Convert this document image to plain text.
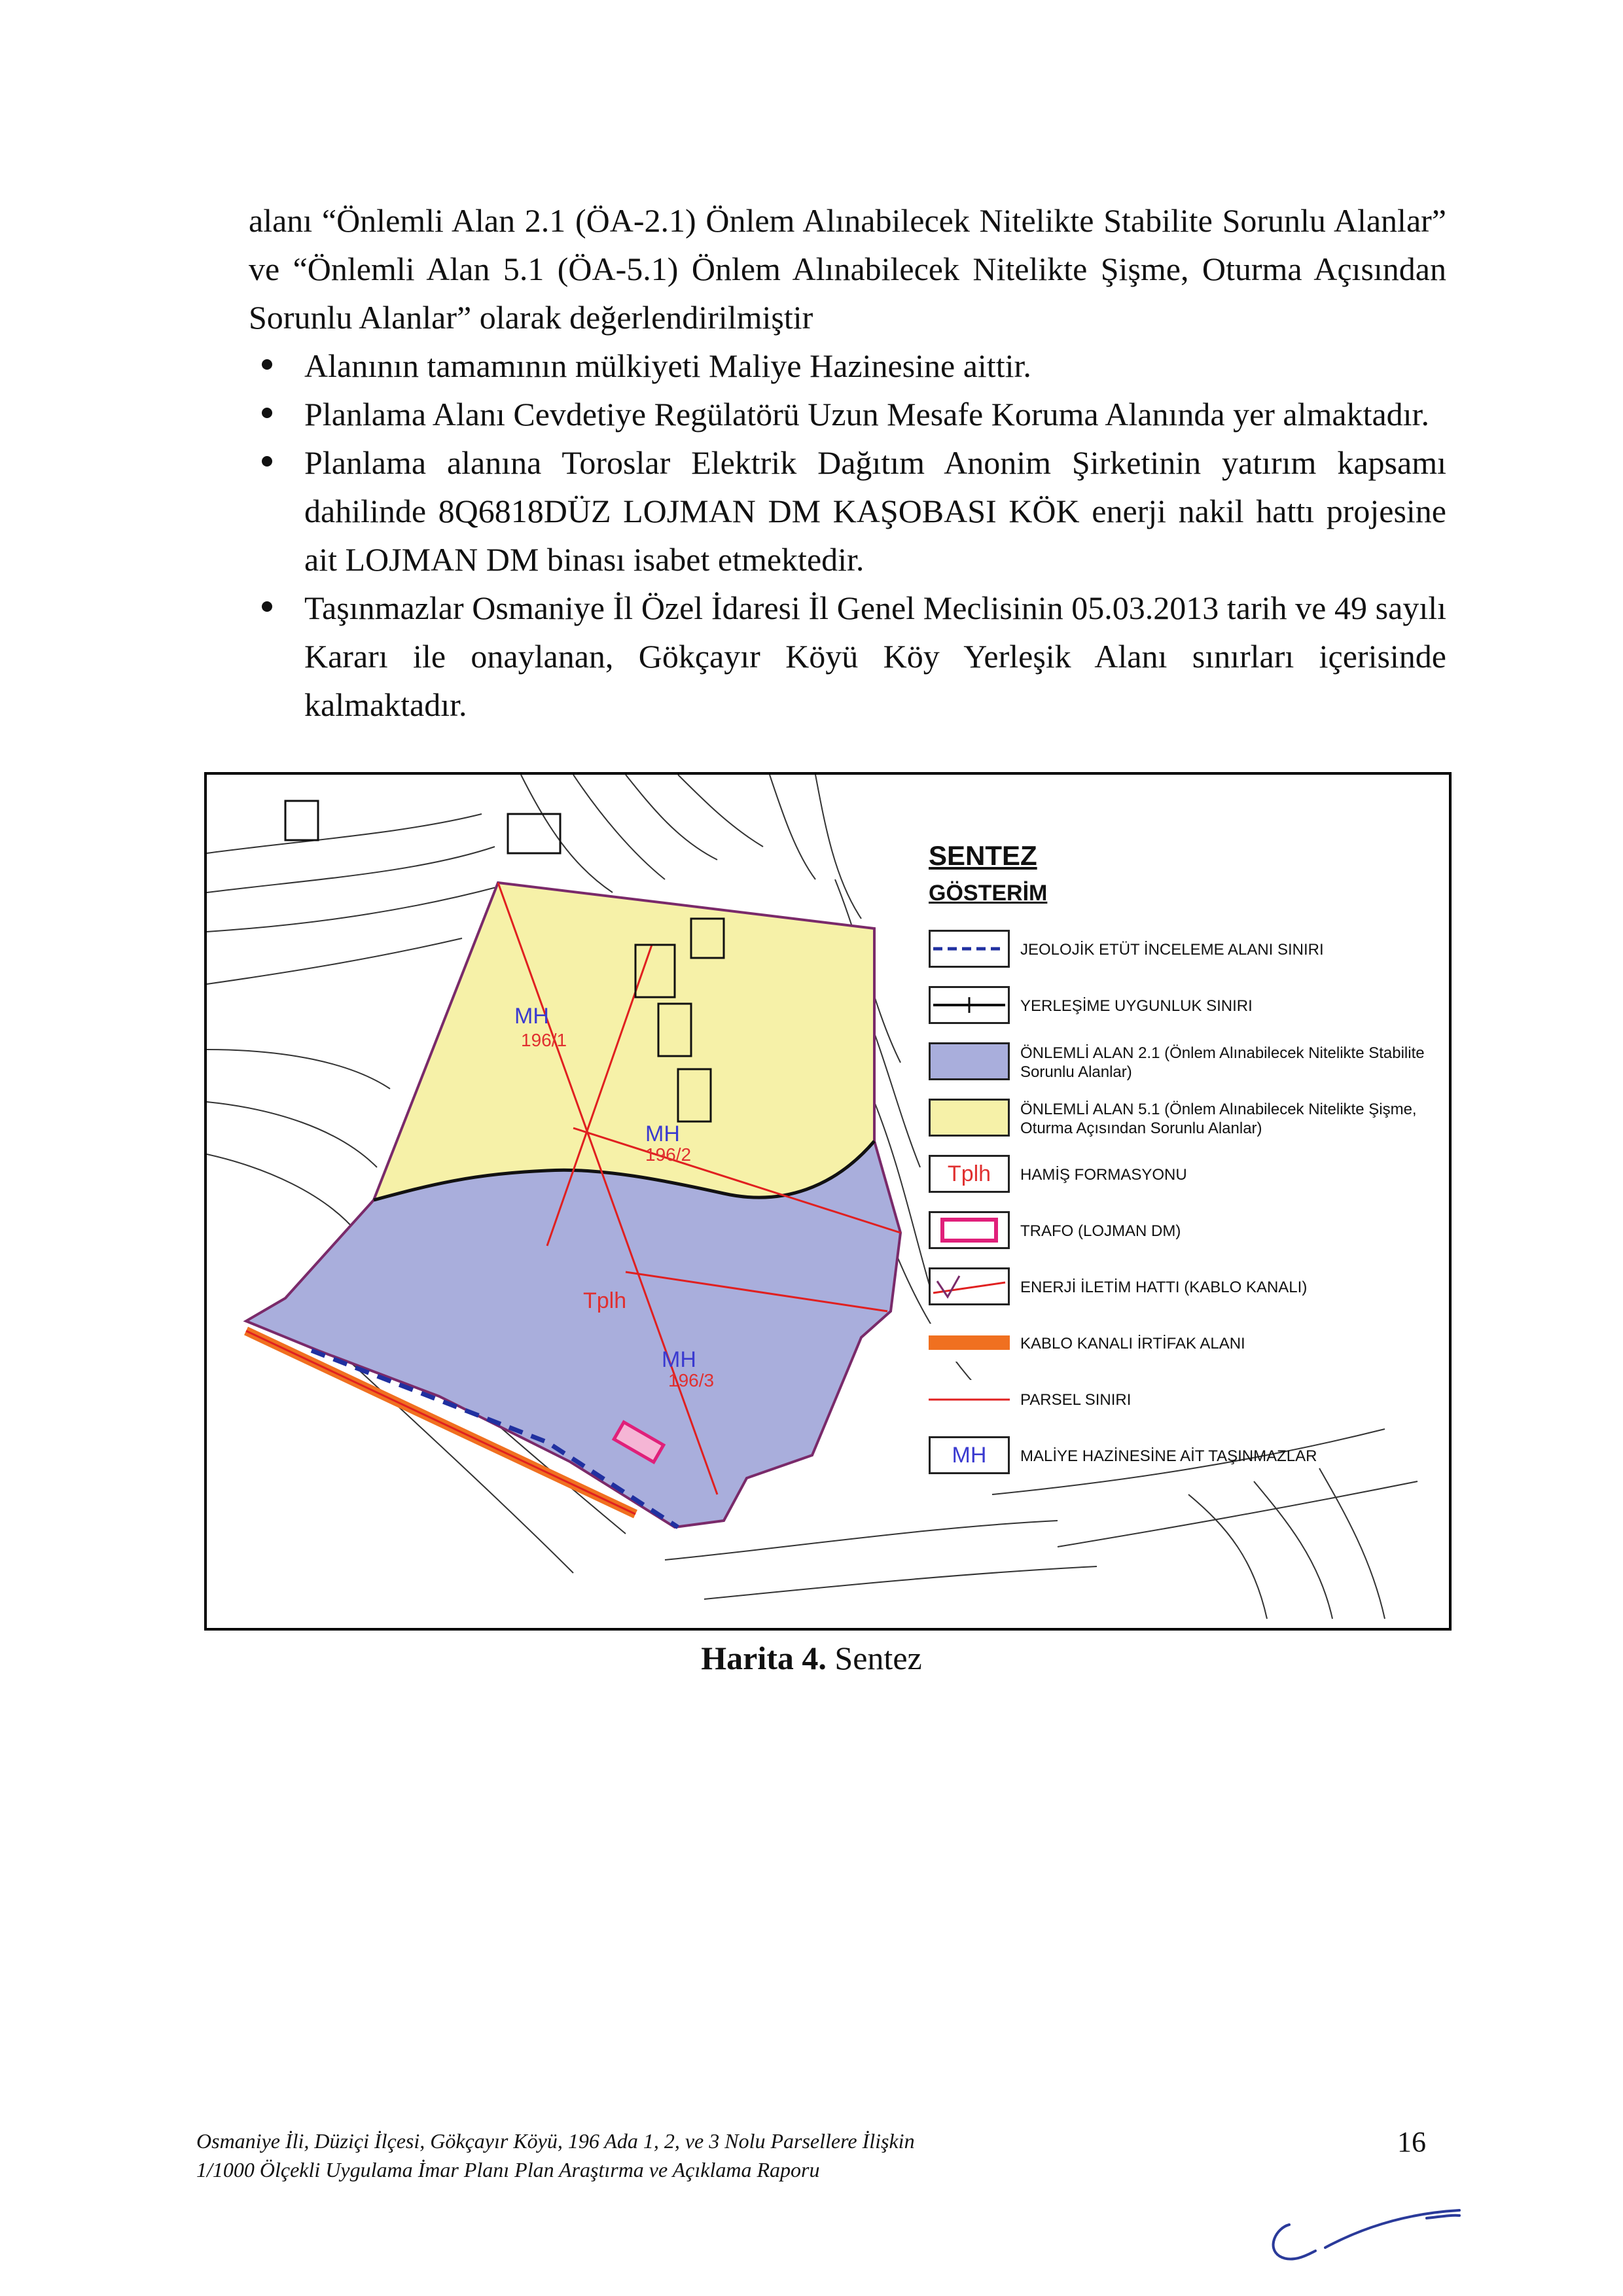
alanı “Önlemli Alan 2.1 (ÖA-2.1) Önlem Alınabilecek Nitelikte Stabilite Sorunlu Alanlar” ve “Önlemli Alan 5.1 (ÖA-5.1) Önlem Alınabilecek Nitelikte Şişme, Oturma Açısından Sorunlu Alanlar” olarak değerlendirilmiştir

Alanının tamamının mülkiyeti Maliye Hazinesine aittir.
Planlama Alanı Cevdetiye Regülatörü Uzun Mesafe Koruma Alanında yer almaktadır.
Planlama alanına Toroslar Elektrik Dağıtım Anonim Şirketinin yatırım kapsamı dahilinde 8Q6818DÜZ LOJMAN DM KAŞOBASI KÖK enerji nakil hattı projesine ait LOJMAN DM binası isabet etmektedir.
Taşınmazlar Osmaniye İl Özel İdaresi İl Genel Meclisinin 05.03.2013 tarih ve 49 sayılı Kararı ile onaylanan, Gökçayır Köyü Köy Yerleşik Alanı sınırları içerisinde kalmaktadır.
MH
196/1
MH
196/2
Tplh
MH
196/3
SENTEZ
GÖSTERİM
JEOLOJİK ETÜT İNCELEME ALANI SINIRI
YERLEŞİME UYGUNLUK SINIRI
ÖNLEMLİ ALAN 2.1 (Önlem Alınabilecek Nitelikte Stabilite Sorunlu Alanlar)
ÖNLEMLİ ALAN 5.1 (Önlem Alınabilecek Nitelikte Şişme, Oturma Açısından Sorunlu Alanlar)
Tplh	HAMİŞ FORMASYONU
TRAFO (LOJMAN DM)
ENERJİ İLETİM HATTI (KABLO KANALI)
KABLO KANALI İRTİFAK ALANI
PARSEL SINIRI
MH	MALİYE HAZİNESİNE AİT TAŞINMAZLAR
Harita 4. Sentez
Osmaniye İli, Düziçi İlçesi, Gökçayır Köyü, 196 Ada 1, 2, ve 3 Nolu Parsellere İlişkin
1/1000 Ölçekli Uygulama İmar Planı Plan Araştırma ve Açıklama Raporu
16
